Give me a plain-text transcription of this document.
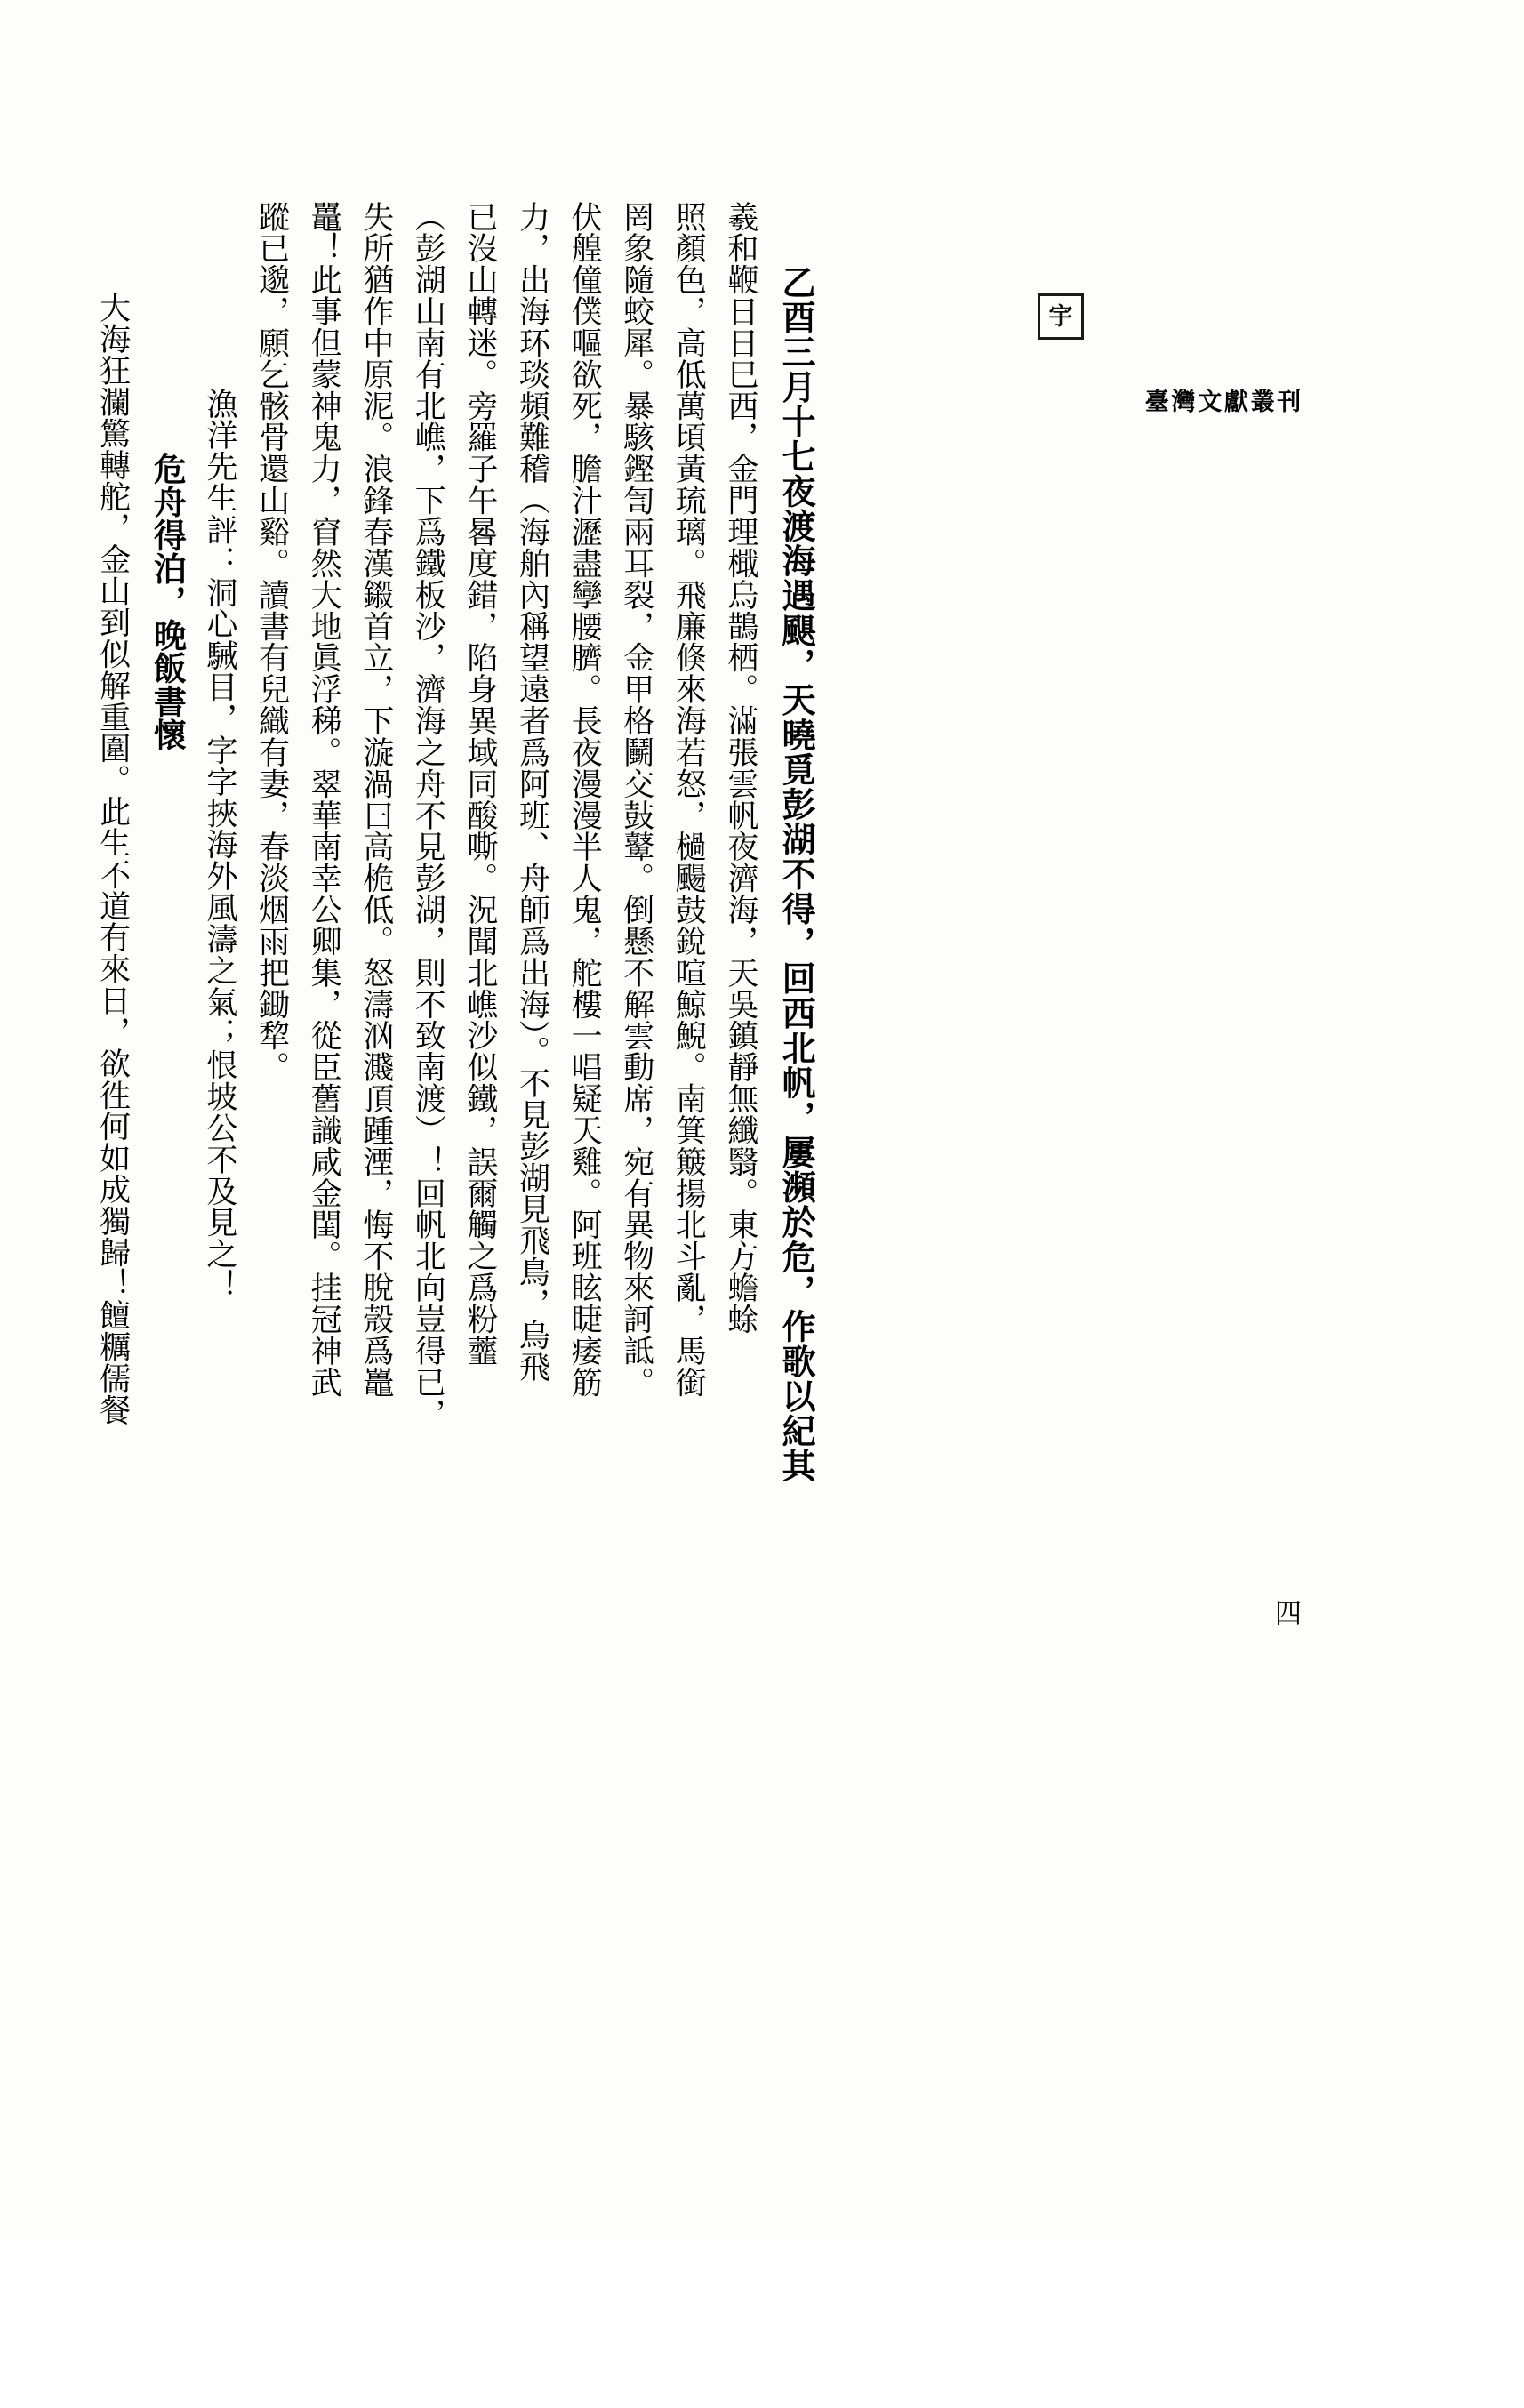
臺灣文獻叢刊
四
宇
大海狂瀾驚轉舵，金山到似解重圍。此生不道有來日，欲徃何如成獨歸！饘糲儒餐 危舟得泊，晚飯書懷 漁洋先生評：洞心駴目，字字挾海外風濤之氣；恨坡公不及見之！ 蹤已邈，願乞骸骨還山谿。讀書有兒織有妻，春淡烟雨把鋤犂。 鼉！此事但蒙神鬼力，窅然大地眞浮稊。翠華南幸公卿集，從臣舊識咸金閨。挂冠神武 失所猶作中原泥。浪鋒春漢鎩首立，下漩渦曰高桅低。怒濤汹濺頂踵湮，悔不脫殼爲鼉 （彭湖山南有北嶕，下爲鐵板沙，濟海之舟不見彭湖，則不致南渡）！回帆北向豈得已， 已沒山轉迷。旁羅子午晷度錯，陷身異域同酸嘶。況聞北嶕沙似鐵，誤爾觸之爲粉虀 力，出海环琰頻難稽（海舶內稱望遠者爲阿班、舟師爲出海）。不見彭湖見飛鳥，鳥飛 伏艎僮僕嘔欲死，膽汁瀝盡孿腰臍。長夜漫漫半人鬼，舵樓一唱疑天雞。阿班眩睫痿筋 罔象隨蛟犀。暴駭鏗訇兩耳裂，金甲格鬭交鼓鼙。倒懸不解雲動席，宛有異物來訶詆。 照顏色，高低萬頃黃琉璃。飛廉倏來海若怒，檛颺鼓銳喧鯨鯢。南箕簸揚北斗亂，馬銜 羲和鞭日日巳西，金門理檝烏鵲栖。滿張雲帆夜濟海，天吳鎮靜無纖翳。東方蟾蜍 乙酉三月十七夜渡海遇颶，天曉覓彭湖不得，回西北帆，屢瀕於危，作歌以紀其
